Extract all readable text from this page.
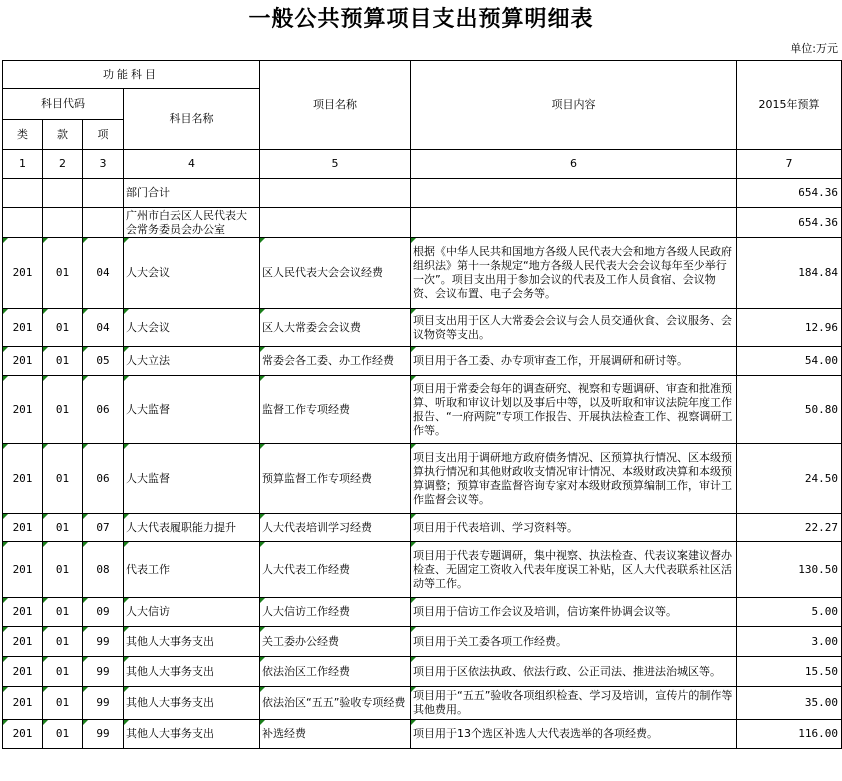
一般公共预算项目支出预算明细表
单位:万元
功能科目				项目名称	项目内容	2015年预算
科目代码			科目名称			
类	款	项				
1	2	3	4	5	6	7
			部门合计			654.36
			广州市白云区人民代表大会常务委员会办公室			654.36
201	01	04	人大会议	区人民代表大会会议经费	根据《中华人民共和国地方各级人民代表大会和地方各级人民政府组织法》第十一条规定“地方各级人民代表大会会议每年至少举行一次”。项目支出用于参加会议的代表及工作人员食宿、会议物资、会议布置、电子会务等。	184.84
201	01	04	人大会议	区人大常委会会议费	项目支出用于区人大常委会会议与会人员交通伙食、会议服务、会议物资等支出。	12.96
201	01	05	人大立法	常委会各工委、办工作经费	项目用于各工委、办专项审查工作，开展调研和研讨等。	54.00
201	01	06	人大监督	监督工作专项经费	项目用于常委会每年的调查研究、视察和专题调研、审查和批准预算、听取和审议计划以及事后中等，以及听取和审议法院年度工作报告、“一府两院”专项工作报告、开展执法检查工作、视察调研工作等。	50.80
201	01	06	人大监督	预算监督工作专项经费	项目支出用于调研地方政府债务情况、区预算执行情况、区本级预算执行情况和其他财政收支情况审计情况、本级财政决算和本级预算调整；预算审查监督咨询专家对本级财政预算编制工作，审计工作监督会议等。	24.50
201	01	07	人大代表履职能力提升	人大代表培训学习经费	项目用于代表培训、学习资料等。	22.27
201	01	08	代表工作	人大代表工作经费	项目用于代表专题调研，集中视察、执法检查、代表议案建议督办检查、无固定工资收入代表年度误工补贴，区人大代表联系社区活动等工作。	130.50
201	01	09	人大信访	人大信访工作经费	项目用于信访工作会议及培训，信访案件协调会议等。	5.00
201	01	99	其他人大事务支出	关工委办公经费	项目用于关工委各项工作经费。	3.00
201	01	99	其他人大事务支出	依法治区工作经费	项目用于区依法执政、依法行政、公正司法、推进法治城区等。	15.50
201	01	99	其他人大事务支出	依法治区“五五”验收专项经费	项目用于“五五”验收各项组织检查、学习及培训，宣传片的制作等其他费用。	35.00
201	01	99	其他人大事务支出	补选经费	项目用于13个选区补选人大代表选举的各项经费。	116.00
